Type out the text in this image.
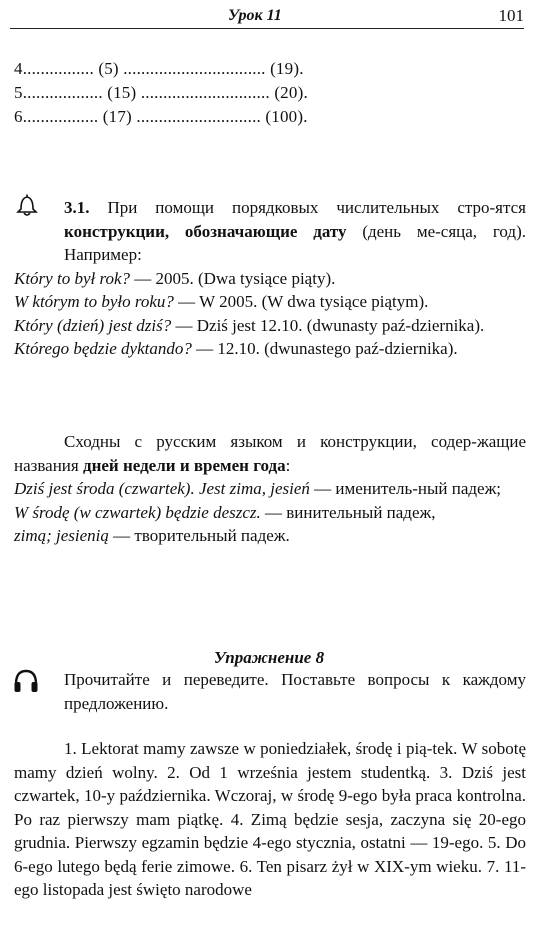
Урок 11	101
4................ (5) ................................ (19).
5.................. (15) ............................. (20).
6................. (17) ............................ (100).

3.1. При помощи порядковых числительных стро-ятся конструкции, обозначающие дату (день ме-сяца, год). Например:

Który to był rok? — 2005. (Dwa tysiące piąty).

W którym to było roku? — W 2005. (W dwa tysiące piątym).

Który (dzień) jest dziś? — Dziś jest 12.10. (dwunasty paź-dziernika).

Którego będzie dyktando? — 12.10. (dwunastego paź-dziernika).

Сходны с русским языком и конструкции, содер-жащие названия дней недели и времен года:

Dziś jest środa (czwartek). Jest zima, jesień — именитель-ный падеж;

W środę (w czwartek) będzie deszcz. — винительный падеж,

zimą; jesienią — творительный падеж.

Упражнение 8

Прочитайте и переведите. Поставьте вопросы к каждому предложению.

1. Lektorat mamy zawsze w poniedziałek, środę i pią-tek. W sobotę mamy dzień wolny. 2. Od 1 września jestem studentką. 3. Dziś jest czwartek, 10-y października. Wczoraj, w środę 9-ego była praca kontrolna. Po raz pierwszy mam piątkę. 4. Zimą będzie sesja, zaczyna się 20-ego grudnia. Pierwszy egzamin będzie 4-ego stycznia, ostatni — 19-ego. 5. Do 6-ego lutego będą ferie zimowe. 6. Ten pisarz żył w XIX-ym wieku. 7. 11-ego listopada jest święto narodowe
